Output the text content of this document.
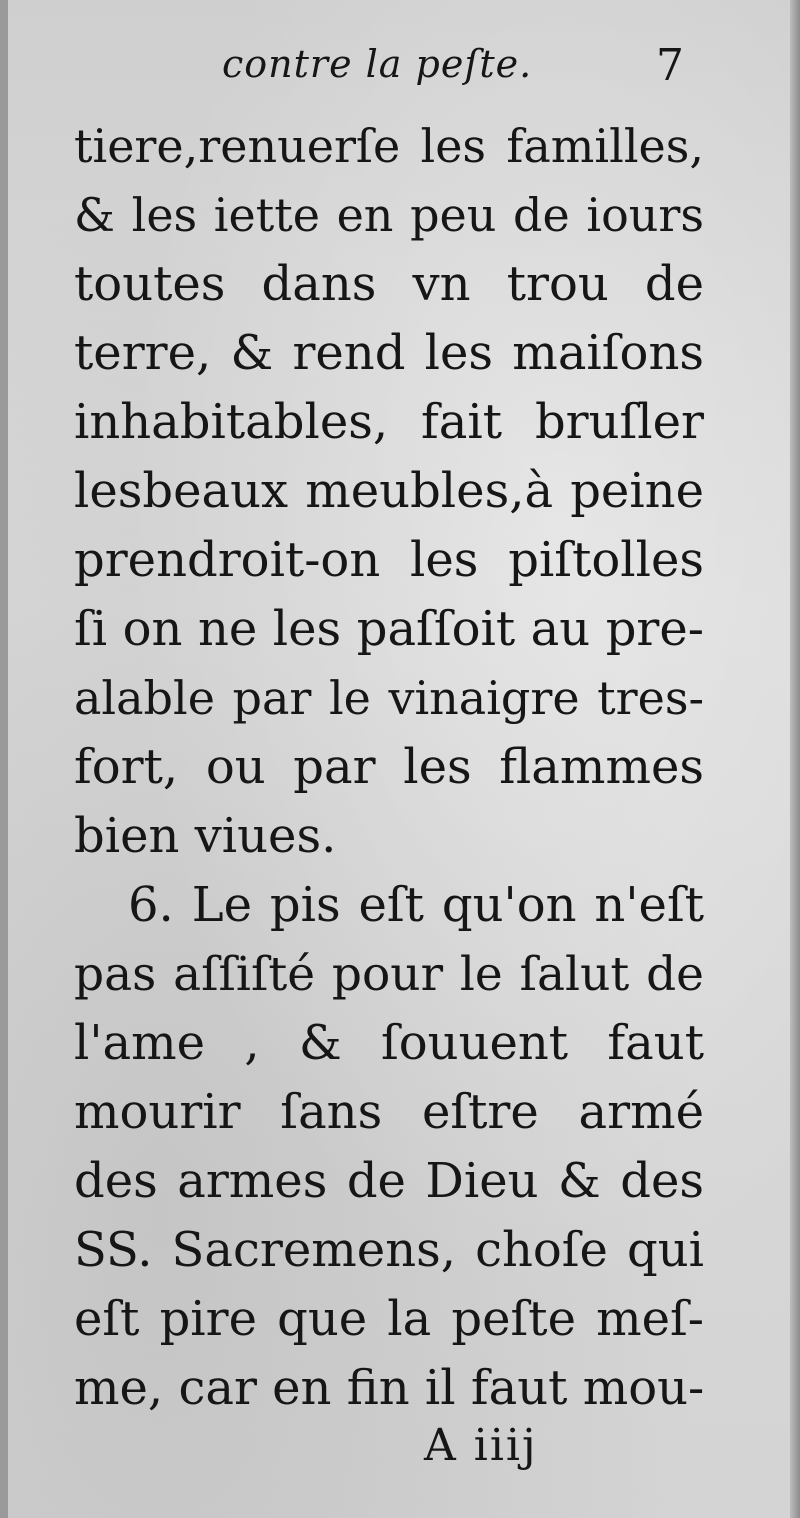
contre la peſte.	7
tiere,renuerſe les familles,
& les iette en peu de iours
toutes dans vn trou de
terre, & rend les maiſons
inhabitables, fait bruſler
lesbeaux meubles,à peine
prendroit-on les piſtolles
ſi on ne les paſſoit au pre-
alable par le vinaigre tres-
fort, ou par les flammes
bien viues.
6. Le pis eſt qu'on n'eſt
pas aſſiſté pour le ſalut de
l'ame , & ſouuent faut
mourir ſans eſtre armé
des armes de Dieu & des
SS. Sacremens, choſe qui
eſt pire que la peſte meſ-
me, car en fin il faut mou-
A iiij
